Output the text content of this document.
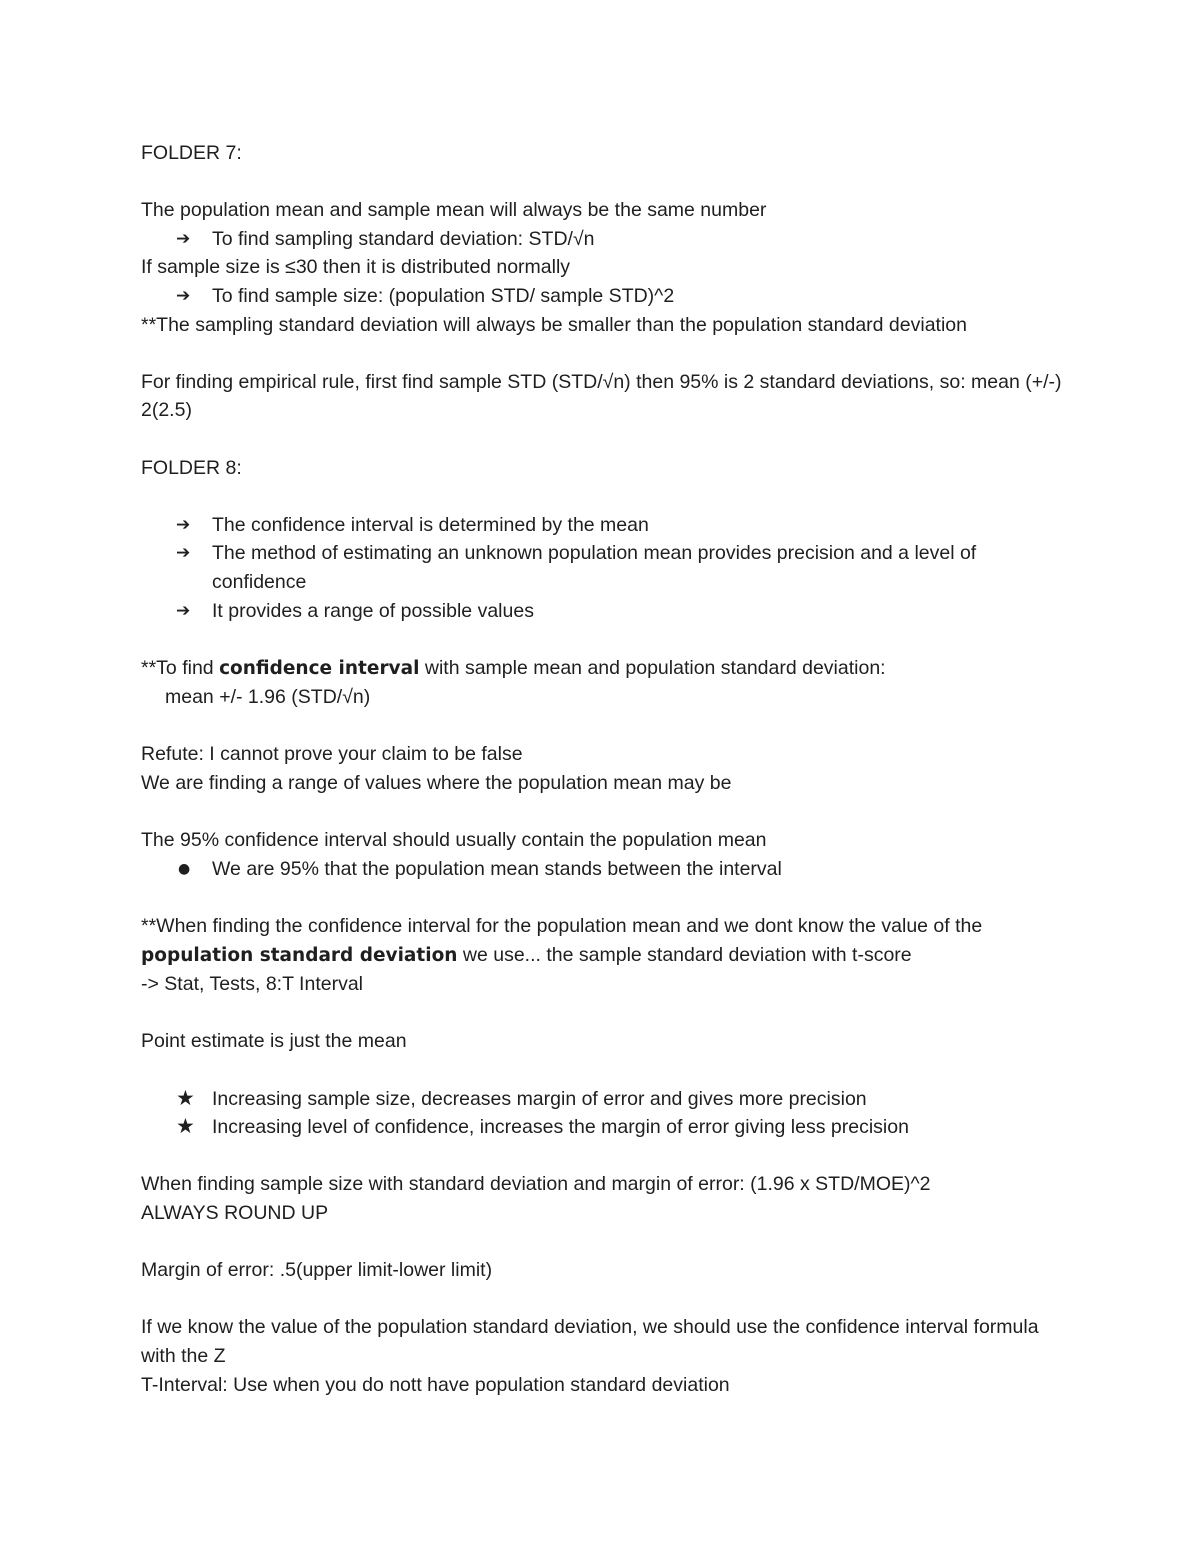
FOLDER 7:
The population mean and sample mean will always be the same number
➔ To find sampling standard deviation: STD/√n
If sample size is ≤30 then it is distributed normally
➔ To find sample size: (population STD/ sample STD)^2
**The sampling standard deviation will always be smaller than the population standard deviation
For finding empirical rule, first find sample STD (STD/√n) then 95% is 2 standard deviations, so: mean (+/-) 2(2.5)
FOLDER 8:
➔ The confidence interval is determined by the mean
➔ The method of estimating an unknown population mean provides precision and a level of confidence
➔ It provides a range of possible values
**To find confidence interval with sample mean and population standard deviation:
mean +/- 1.96 (STD/√n)
Refute: I cannot prove your claim to be false
We are finding a range of values where the population mean may be
The 95% confidence interval should usually contain the population mean
● We are 95% that the population mean stands between the interval
**When finding the confidence interval for the population mean and we dont know the value of the population standard deviation we use... the sample standard deviation with t-score
-> Stat, Tests, 8:T Interval
Point estimate is just the mean
★ Increasing sample size, decreases margin of error and gives more precision
★ Increasing level of confidence, increases the margin of error giving less precision
When finding sample size with standard deviation and margin of error: (1.96 x STD/MOE)^2
ALWAYS ROUND UP
Margin of error: .5(upper limit-lower limit)
If we know the value of the population standard deviation, we should use the confidence interval formula with the Z
T-Interval: Use when you do nott have population standard deviation
